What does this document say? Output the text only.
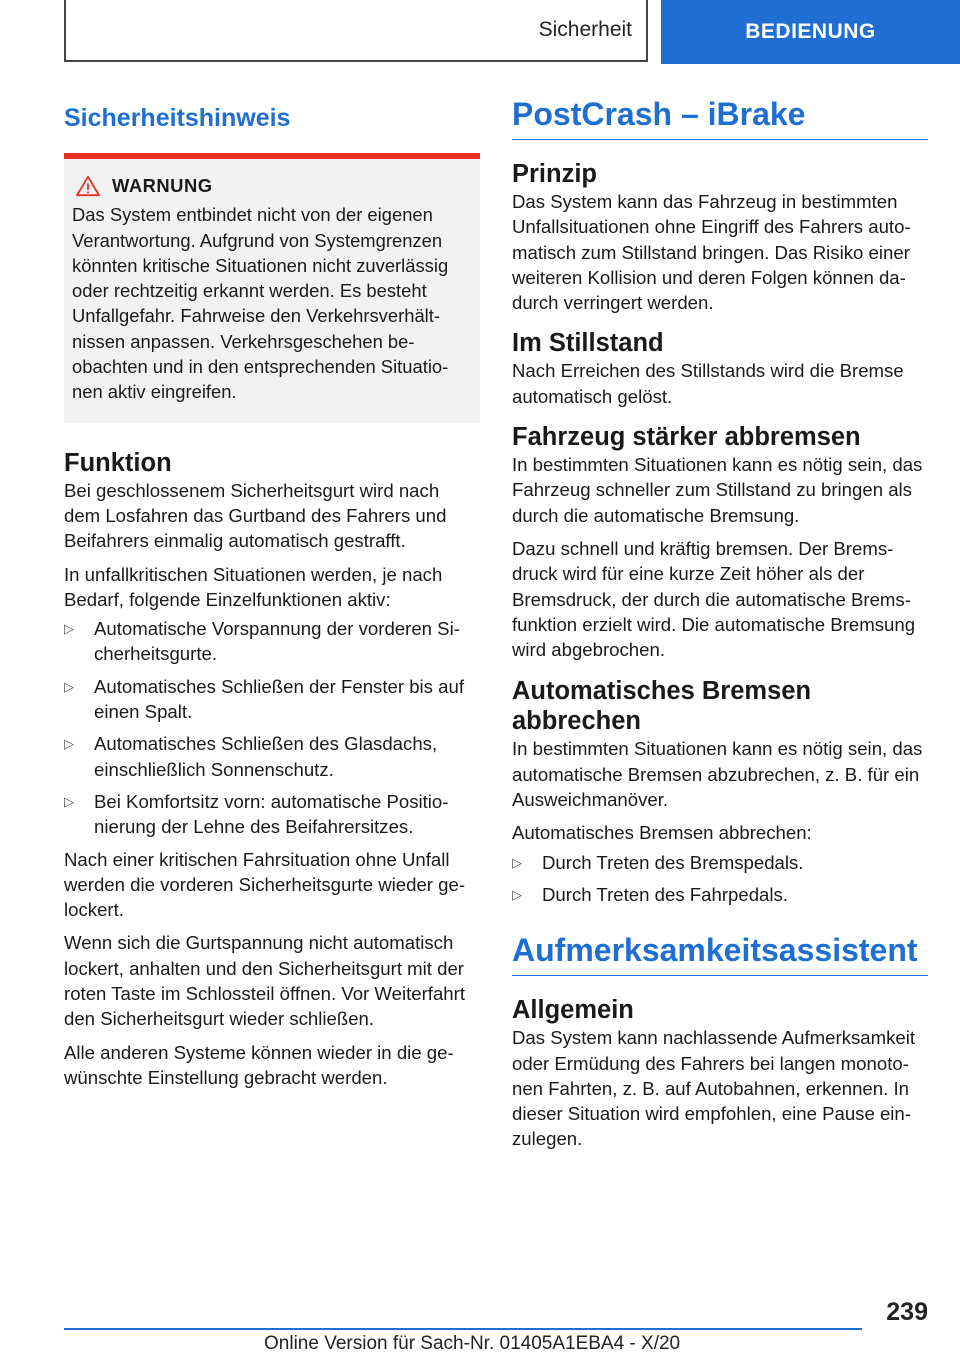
Sicherheit	BEDIENUNG
Sicherheitshinweis
WARNUNG
Das System entbindet nicht von der eigenen Verantwortung. Aufgrund von Systemgrenzen könnten kritische Situationen nicht zuverlässig oder rechtzeitig erkannt werden. Es besteht Unfallgefahr. Fahrweise den Verkehrsverhältnissen anpassen. Verkehrsgeschehen beobachten und in den entsprechenden Situationen aktiv eingreifen.
Funktion

Bei geschlossenem Sicherheitsgurt wird nach dem Losfahren das Gurtband des Fahrers und Beifahrers einmalig automatisch gestrafft.

In unfallkritischen Situationen werden, je nach Bedarf, folgende Einzelfunktionen aktiv:

▷ Automatische Vorspannung der vorderen Sicherheitsgurte.
▷ Automatisches Schließen der Fenster bis auf einen Spalt.
▷ Automatisches Schließen des Glasdachs, einschließlich Sonnenschutz.
▷ Bei Komfortsitz vorn: automatische Positionierung der Lehne des Beifahrersitzes.

Nach einer kritischen Fahrsituation ohne Unfall werden die vorderen Sicherheitsgurte wieder gelockert.

Wenn sich die Gurtspannung nicht automatisch lockert, anhalten und den Sicherheitsgurt mit der roten Taste im Schlossteil öffnen. Vor Weiterfahrt den Sicherheitsgurt wieder schließen.

Alle anderen Systeme können wieder in die gewünschte Einstellung gebracht werden.

PostCrash – iBrake
Prinzip

Das System kann das Fahrzeug in bestimmten Unfallsituationen ohne Eingriff des Fahrers automatisch zum Stillstand bringen. Das Risiko einer weiteren Kollision und deren Folgen können dadurch verringert werden.

Im Stillstand

Nach Erreichen des Stillstands wird die Bremse automatisch gelöst.

Fahrzeug stärker abbremsen

In bestimmten Situationen kann es nötig sein, das Fahrzeug schneller zum Stillstand zu bringen als durch die automatische Bremsung.

Dazu schnell und kräftig bremsen. Der Bremsdruck wird für eine kurze Zeit höher als der Bremsdruck, der durch die automatische Bremsfunktion erzielt wird. Die automatische Bremsung wird abgebrochen.

Automatisches Bremsen abbrechen

In bestimmten Situationen kann es nötig sein, das automatische Bremsen abzubrechen, z. B. für ein Ausweichmanöver.

Automatisches Bremsen abbrechen:

▷ Durch Treten des Bremspedals.
▷ Durch Treten des Fahrpedals.
Aufmerksamkeitsassistent
Allgemein

Das System kann nachlassende Aufmerksamkeit oder Ermüdung des Fahrers bei langen monotonen Fahrten, z. B. auf Autobahnen, erkennen. In dieser Situation wird empfohlen, eine Pause einzulegen.

239
Online Version für Sach-Nr. 01405A1EBA4 - X/20
